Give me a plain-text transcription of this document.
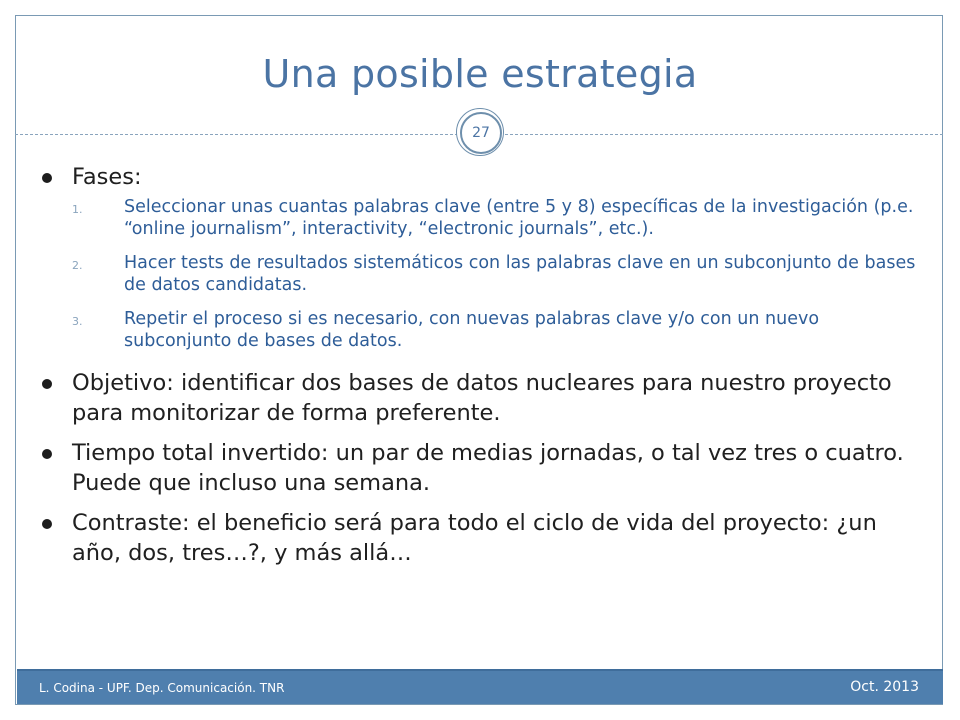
Una posible estrategia
27
Fases:
1. Seleccionar unas cuantas palabras clave (entre 5 y 8) específicas de la investigación (p.e. “online journalism”, interactivity, “electronic journals”, etc.).
2. Hacer tests de resultados sistemáticos con las palabras clave en un subconjunto de bases de datos candidatas.
3. Repetir el proceso si es necesario, con nuevas palabras clave y/o con un nuevo subconjunto de bases de datos.
Objetivo: identificar dos bases de datos nucleares para nuestro proyecto para monitorizar de forma preferente.
Tiempo total invertido: un par de medias jornadas, o tal vez tres o cuatro. Puede que incluso una semana.
Contraste: el beneficio será para todo el ciclo de vida del proyecto: ¿un año, dos, tres…?, y más allá…
L. Codina - UPF. Dep. Comunicación. TNR	Oct. 2013
